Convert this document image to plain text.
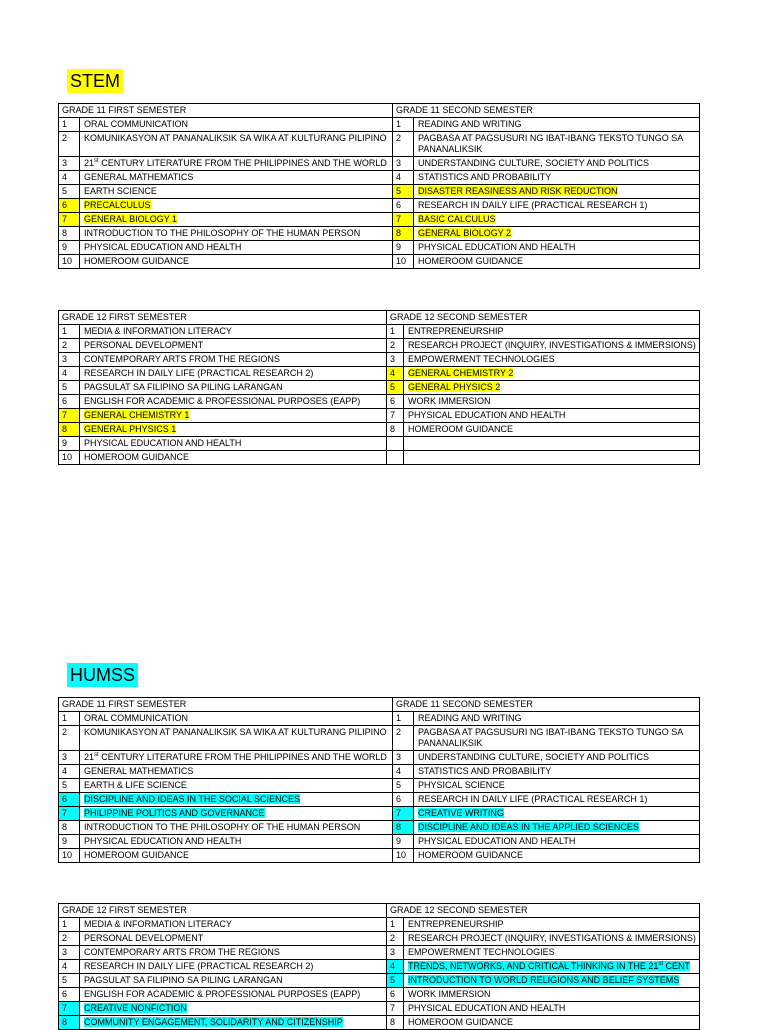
STEM
GRADE 11 FIRST SEMESTER		GRADE 11 SECOND SEMESTER	
1	ORAL COMMUNICATION	1	READING AND WRITING
2	KOMUNIKASYON AT PANANALIKSIK SA WIKA AT KULTURANG PILIPINO	2	PAGBASA AT PAGSUSURI NG IBAT-IBANG TEKSTO TUNGO SA PANANALIKSIK
3	21st CENTURY LITERATURE FROM THE PHILIPPINES AND THE WORLD	3	UNDERSTANDING CULTURE, SOCIETY AND POLITICS
4	GENERAL MATHEMATICS	4	STATISTICS AND PROBABILITY
5	EARTH SCIENCE	5	DISASTER REASINESS AND RISK REDUCTION
6	PRECALCULUS	6	RESEARCH IN DAILY LIFE (PRACTICAL RESEARCH 1)
7	GENERAL BIOLOGY 1	7	BASIC CALCULUS
8	INTRODUCTION TO THE PHILOSOPHY OF THE HUMAN PERSON	8	GENERAL BIOLOGY 2
9	PHYSICAL EDUCATION AND HEALTH	9	PHYSICAL EDUCATION AND HEALTH
10	HOMEROOM GUIDANCE	10	HOMEROOM GUIDANCE
GRADE 12 FIRST SEMESTER		GRADE 12 SECOND SEMESTER	
1	MEDIA & INFORMATION LITERACY	1	ENTREPRENEURSHIP
2	PERSONAL DEVELOPMENT	2	RESEARCH PROJECT (INQUIRY, INVESTIGATIONS & IMMERSIONS)
3	CONTEMPORARY ARTS FROM THE REGIONS	3	EMPOWERMENT TECHNOLOGIES
4	RESEARCH IN DAILY LIFE (PRACTICAL RESEARCH 2)	4	GENERAL CHEMISTRY 2
5	PAGSULAT SA FILIPINO SA PILING LARANGAN	5	GENERAL PHYSICS 2
6	ENGLISH FOR ACADEMIC & PROFESSIONAL PURPOSES (EAPP)	6	WORK IMMERSION
7	GENERAL CHEMISTRY 1	7	PHYSICAL EDUCATION AND HEALTH
8	GENERAL PHYSICS 1	8	HOMEROOM GUIDANCE
9	PHYSICAL EDUCATION AND HEALTH		
10	HOMEROOM GUIDANCE		
HUMSS
GRADE 11 FIRST SEMESTER		GRADE 11 SECOND SEMESTER	
1	ORAL COMMUNICATION	1	READING AND WRITING
2	KOMUNIKASYON AT PANANALIKSIK SA WIKA AT KULTURANG PILIPINO	2	PAGBASA AT PAGSUSURI NG IBAT-IBANG TEKSTO TUNGO SA PANANALIKSIK
3	21st CENTURY LITERATURE FROM THE PHILIPPINES AND THE WORLD	3	UNDERSTANDING CULTURE, SOCIETY AND POLITICS
4	GENERAL MATHEMATICS	4	STATISTICS AND PROBABILITY
5	EARTH & LIFE SCIENCE	5	PHYSICAL SCIENCE
6	DISCIPLINE AND IDEAS IN THE SOCIAL SCIENCES	6	RESEARCH IN DAILY LIFE (PRACTICAL RESEARCH 1)
7	PHILIPPINE POLITICS AND GOVERNANCE	7	CREATIVE WRITING
8	INTRODUCTION TO THE PHILOSOPHY OF THE HUMAN PERSON	8	DISCIPLINE AND IDEAS IN THE APPLIED SCIENCES
9	PHYSICAL EDUCATION AND HEALTH	9	PHYSICAL EDUCATION AND HEALTH
10	HOMEROOM GUIDANCE	10	HOMEROOM GUIDANCE
GRADE 12 FIRST SEMESTER		GRADE 12 SECOND SEMESTER	
1	MEDIA & INFORMATION LITERACY	1	ENTREPRENEURSHIP
2	PERSONAL DEVELOPMENT	2	RESEARCH PROJECT (INQUIRY, INVESTIGATIONS & IMMERSIONS)
3	CONTEMPORARY ARTS FROM THE REGIONS	3	EMPOWERMENT TECHNOLOGIES
4	RESEARCH IN DAILY LIFE (PRACTICAL RESEARCH 2)	4	TRENDS, NETWORKS, AND CRITICAL THINKING IN THE 21st CENT
5	PAGSULAT SA FILIPINO SA PILING LARANGAN	5	INTRODUCTION TO WORLD RELIGIONS AND BELIEF SYSTEMS
6	ENGLISH FOR ACADEMIC & PROFESSIONAL PURPOSES (EAPP)	6	WORK IMMERSION
7	CREATIVE NONFICTION	7	PHYSICAL EDUCATION AND HEALTH
8	COMMUNITY ENGAGEMENT, SOLIDARITY AND CITIZENSHIP	8	HOMEROOM GUIDANCE
